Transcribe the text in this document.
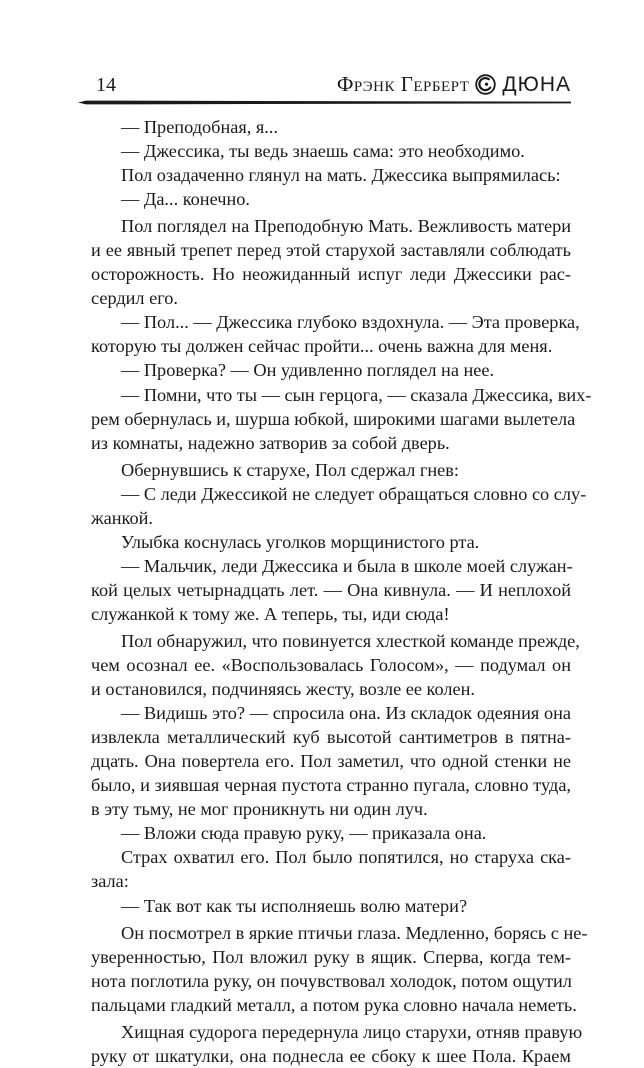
14	Фрэнк Герберт ДЮНА

— Преподобная, я...

— Джессика, ты ведь знаешь сама: это необходимо.

Пол озадаченно глянул на мать. Джессика выпрямилась:

— Да... конечно.

Пол поглядел на Преподобную Мать. Вежливость матери
и ее явный трепет перед этой старухой заставляли соблюдать
осторожность. Но неожиданный испуг леди Джессики рас-
сердил его.

— Пол... — Джессика глубоко вздохнула. — Эта проверка,
которую ты должен сейчас пройти... очень важна для меня.

— Проверка? — Он удивленно поглядел на нее.

— Помни, что ты — сын герцога, — сказала Джессика, вих-
рем обернулась и, шурша юбкой, широкими шагами вылетела
из комнаты, надежно затворив за собой дверь.

Обернувшись к старухе, Пол сдержал гнев:

— С леди Джессикой не следует обращаться словно со слу-
жанкой.

Улыбка коснулась уголков морщинистого рта.

— Мальчик, леди Джессика и была в школе моей служан-
кой целых четырнадцать лет. — Она кивнула. — И неплохой
служанкой к тому же. А теперь, ты, иди сюда!

Пол обнаружил, что повинуется хлесткой команде прежде,
чем осознал ее. «Воспользовалась Голосом», — подумал он
и остановился, подчиняясь жесту, возле ее колен.

— Видишь это? — спросила она. Из складок одеяния она
извлекла металлический куб высотой сантиметров в пятна-
дцать. Она повертела его. Пол заметил, что одной стенки не
было, и зиявшая черная пустота странно пугала, словно туда,
в эту тьму, не мог проникнуть ни один луч.

— Вложи сюда правую руку, — приказала она.

Страх охватил его. Пол было попятился, но старуха ска-
зала:

— Так вот как ты исполняешь волю матери?

Он посмотрел в яркие птичьи глаза. Медленно, борясь с не-
уверенностью, Пол вложил руку в ящик. Сперва, когда тем-
нота поглотила руку, он почувствовал холодок, потом ощутил
пальцами гладкий металл, а потом рука словно начала неметь.

Хищная судорога передернула лицо старухи, отняв правую
руку от шкатулки, она поднесла ее сбоку к шее Пола. Краем
